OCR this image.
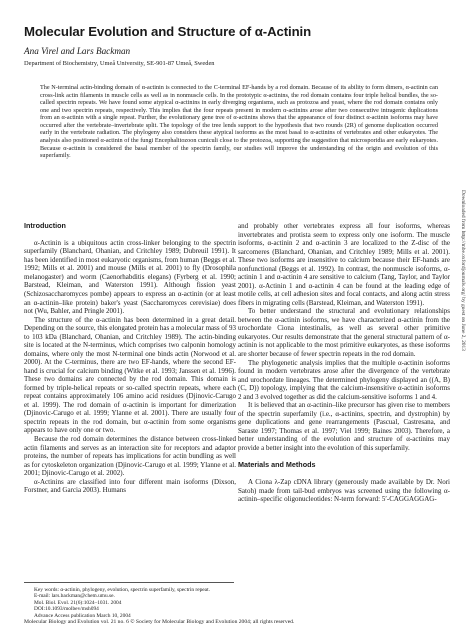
Molecular Evolution and Structure of α-Actinin
Ana Virel and Lars Backman
Department of Biochemistry, Umeå University, SE-901-87 Umeå, Sweden
The N-terminal actin-binding domain of α-actinin is connected to the C-terminal EF-hands by a rod domain. Because of its ability to form dimers, α-actinin can cross-link actin filaments in muscle cells as well as in nonmuscle cells. In the prototypic α-actinins, the rod domain contains four triple helical bundles, the so-called spectrin repeats. We have found some atypical α-actinins in early diverging organisms, such as protozoa and yeast, where the rod domain contains only one and two spectrin repeats, respectively. This implies that the four repeats present in modern α-actinins arose after two consecutive intragenic duplications from an α-actinin with a single repeat. Further, the evolutionary gene tree of α-actinins shows that the appearance of four distinct α-actinin isoforms may have occurred after the vertebrate–invertebrate split. The topology of the tree lends support to the hypothesis that two rounds (2R) of genome duplication occurred early in the vertebrate radiation. The phylogeny also considers these atypical isoforms as the most basal to α-actinins of vertebrates and other eukaryotes. The analysis also positioned α-actinin of the fungi Encephalitozoon cuniculi close to the protozoa, supporting the suggestion that microsporidia are early eukaryotes. Because α-actinin is considered the basal member of the spectrin family, our studies will improve the understanding of the origin and evolution of this superfamily.
Introduction

α-Actinin is a ubiquitous actin cross-linker belonging to the spectrin superfamily (Blanchard, Ohanian, and Critchley 1989; Dubreuil 1991). It has been identified in most eukaryotic organisms, from human (Beggs et al. 1992; Mills et al. 2001) and mouse (Mills et al. 2001) to fly (Drosophila melanogaster) and worm (Caenorhabditis elegans) (Fyrberg et al. 1990; Barstead, Kleiman, and Waterston 1991). Although fission yeast (Schizosaccharomyces pombe) appears to express an α-actinin (or at least an α-actinin–like protein) baker's yeast (Saccharomyces cerevisiae) does not (Wu, Bahler, and Pringle 2001).

The structure of the α-actinin has been determined in a great detail. Depending on the source, this elongated protein has a molecular mass of 93 to 103 kDa (Blanchard, Ohanian, and Critchley 1989). The actin-binding site is located at the N-terminus, which comprises two calponin homology domains, where only the most N-terminal one binds actin (Norwood et al. 2000). At the C-terminus, there are two EF-hands, where the second EF-hand is crucial for calcium binding (Witke et al. 1993; Janssen et al. 1996). These two domains are connected by the rod domain. This domain is formed by triple-helical repeats or so-called spectrin repeats, where each repeat contains approximately 106 amino acid residues (Djinovic-Carugo et al. 1999). The rod domain of α-actinin is important for dimerization (Djinovic-Carugo et al. 1999; Ylanne et al. 2001). There are usually four spectrin repeats in the rod domain, but α-actinin from some organisms appears to have only one or two.

Because the rod domain determines the distance between cross-linked actin filaments and serves as an interaction site for receptors and adaptor proteins, the number of repeats has implications for actin bundling as well as for cytoskeleton organization (Djinovic-Carugo et al. 1999; Ylanne et al. 2001; Djinovic-Carugo et al. 2002).

α-Actinins are classified into four different main isoforms (Dixson, Forstner, and Garcia 2003). Humans

and probably other vertebrates express all four isoforms, whereas invertebrates and protista seem to express only one isoform. The muscle isoforms, α-actinin 2 and α-actinin 3 are localized to the Z-disc of the sarcomeres (Blanchard, Ohanian, and Critchley 1989; Mills et al. 2001). These two isoforms are insensitive to calcium because their EF-hands are nonfunctional (Beggs et al. 1992). In contrast, the nonmuscle isoforms, α-actinin 1 and α-actinin 4 are sensitive to calcium (Tang, Taylor, and Taylor 2001). α-Actinin 1 and α-actinin 4 can be found at the leading edge of motile cells, at cell adhesion sites and focal contacts, and along actin stress fibers in migrating cells (Barstead, Kleiman, and Waterston 1991).

To better understand the structural and evolutionary relationships between the α-actinin isoforms, we have characterized α-actinin from the urochordate Ciona intestinalis, as well as several other primitive eukaryotes. Our results demonstrate that the general structural pattern of α-actinin is not applicable to the most primitive eukaryotes, as these isoforms are shorter because of fewer spectrin repeats in the rod domain.

The phylogenetic analysis implies that the multiple α-actinin isoforms found in modern vertebrates arose after the divergence of the vertebrate and urochordate lineages. The determined phylogeny displayed an ((A, B) (C, D)) topology, implying that the calcium-insensitive α-actinin isoforms 2 and 3 evolved together as did the calcium-sensitive isoforms 1 and 4.

It is believed that an α-actinin–like precursor has given rise to members of the spectrin superfamily (i.e., α-actinins, spectrin, and dystrophin) by gene duplications and gene rearrangements (Pascual, Castresana, and Saraste 1997; Thomas et al. 1997; Viel 1999; Baines 2003). Therefore, a better understanding of the evolution and structure of α-actinins may provide a better insight into the evolution of this superfamily.

Materials and Methods

A Ciona λ-Zap cDNA library (generously made available by Dr. Nori Satoh) made from tail-bud embryos was screened using the following α-actinin–specific oligonucleotides: N-term forward: 5′-CAGGAGGAG-

Key words: α-actinin, phylogeny, evolution, spectrin superfamily, spectrin repeat.
E-mail: lars.backman@chem.umu.se.
Mol. Biol. Evol. 21(6):1024–1031. 2004
DOI:10.1093/molbev/msh094
Advance Access publication March 10, 2004
Molecular Biology and Evolution vol. 21 no. 6 © Society for Molecular Biology and Evolution 2004; all rights reserved.
Downloaded from http://mbe.oxfordjournals.org/ by guest on June 2, 2013
